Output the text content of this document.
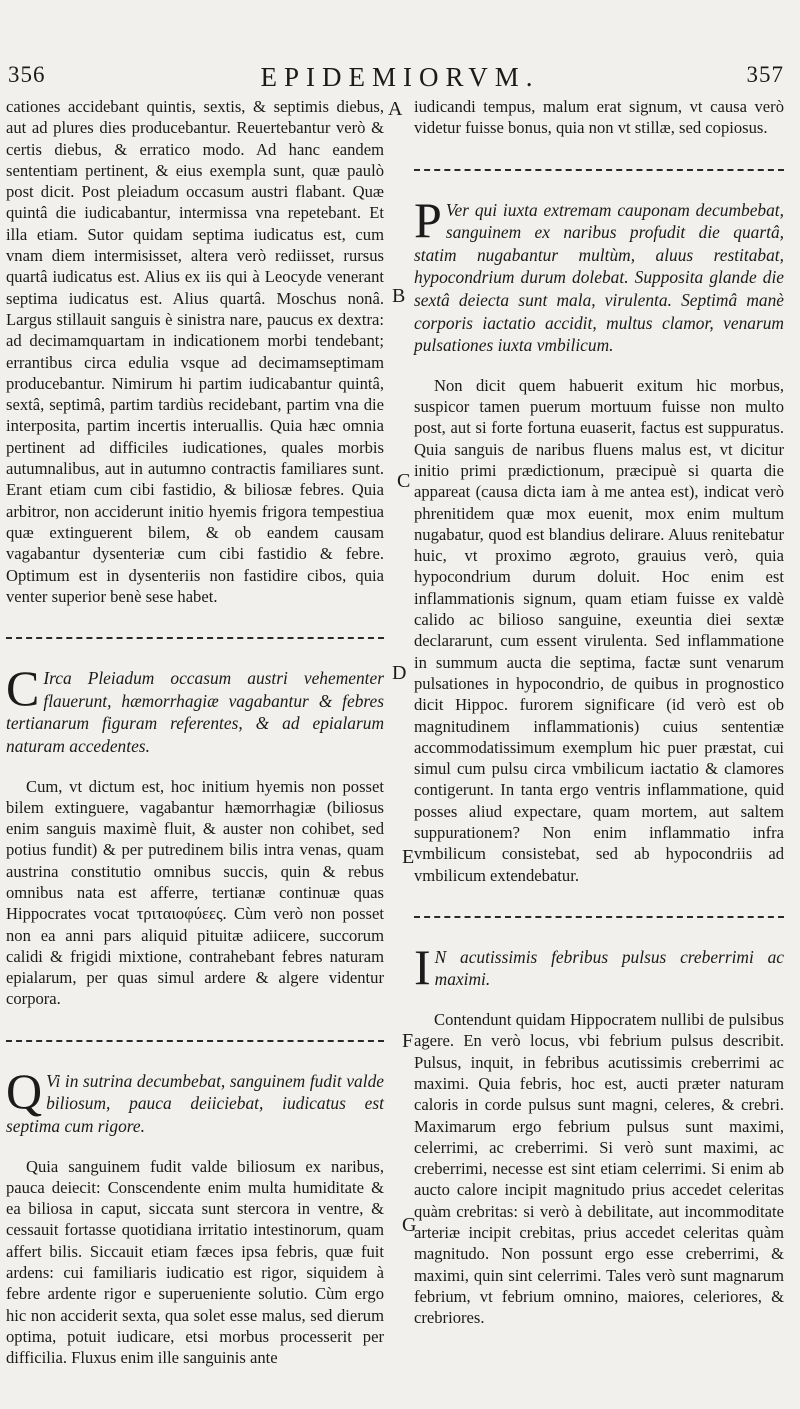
356	EPIDEMIORVM.	357

cationes accidebant quintis, sextis, & septimis diebus, aut ad plures dies producebantur. Reuertebantur verò & certis diebus, & erratico modo. Ad hanc eandem sententiam pertinent, & eius exempla sunt, quæ paulò post dicit. Post pleiadum occasum austri flabant. Quæ quintâ die iudicabantur, intermissa vna repetebant. Et illa etiam. Sutor quidam septima iudicatus est, cum vnam diem intermisisset, altera verò rediisset, rursus quartâ iudicatus est. Alius ex iis qui à Leocyde venerant septima iudicatus est. Alius quartâ. Moschus nonâ. Largus stillauit sanguis è sinistra nare, paucus ex dextra: ad decimamquartam in indicationem morbi tendebant; errantibus circa edulia vsque ad decimamseptimam producebantur. Nimirum hi partim iudicabantur quintâ, sextâ, septimâ, partim tardiùs recidebant, partim vna die interposita, partim incertis interuallis. Quia hæc omnia pertinent ad difficiles iudicationes, quales morbis autumnalibus, aut in autumno contractis familiares sunt. Erant etiam cum cibi fastidio, & biliosæ febres. Quia arbitror, non acciderunt initio hyemis frigora tempestiua quæ extinguerent bilem, & ob eandem causam vagabantur dysenteriæ cum cibi fastidio & febre. Optimum est in dysenteriis non fastidire cibos, quia venter superior benè sese habet.

C Irca Pleiadum occasum austri vehementer flauerunt, hæmorrhagiæ vagabantur & febres tertianarum figuram referentes, & ad epialarum naturam accedentes.

Cum, vt dictum est, hoc initium hyemis non posset bilem extinguere, vagabantur hæmorrhagiæ (biliosus enim sanguis maximè fluit, & auster non cohibet, sed potius fundit) & per putredinem bilis intra venas, quam austrina constitutio omnibus succis, quin & rebus omnibus nata est afferre, tertianæ continuæ quas Hippocrates vocat τριταιοφύεες. Cùm verò non posset non ea anni pars aliquid pituitæ adiicere, succorum calidi & frigidi mixtione, contrahebant febres naturam epialarum, per quas simul ardere & algere videntur corpora.

Q Vi in sutrina decumbebat, sanguinem fudit valde biliosum, pauca deiiciebat, iudicatus est septima cum rigore.

Quia sanguinem fudit valde biliosum ex naribus, pauca deiecit: Conscendente enim multa humiditate & ea biliosa in caput, siccata sunt stercora in ventre, & cessauit fortasse quotidiana irritatio intestinorum, quam affert bilis. Siccauit etiam fæces ipsa febris, quæ fuit ardens: cui familiaris iudicatio est rigor, siquidem à febre ardente rigor e superueniente solutio. Cùm ergo hic non acciderit sexta, qua solet esse malus, sed dierum optima, potuit iudicare, etsi morbus processerit per difficilia. Fluxus enim ille sanguinis ante

iudicandi tempus, malum erat signum, vt causa verò videtur fuisse bonus, quia non vt stillæ, sed copiosus.

P Ver qui iuxta extremam cauponam decumbebat, sanguinem ex naribus profudit die quartâ, statim nugabantur multùm, aluus restitabat, hypocondrium durum dolebat. Supposita glande die sextâ deiecta sunt mala, virulenta. Septimâ manè corporis iactatio accidit, multus clamor, venarum pulsationes iuxta vmbilicum.

Non dicit quem habuerit exitum hic morbus, suspicor tamen puerum mortuum fuisse non multo post, aut si forte fortuna euaserit, factus est suppuratus. Quia sanguis de naribus fluens malus est, vt dicitur initio primi prædictionum, præcipuè si quarta die appareat (causa dicta iam à me antea est), indicat verò phrenitidem quæ mox euenit, mox enim multum nugabatur, quod est blandius delirare. Aluus renitebatur huic, vt proximo ægroto, grauius verò, quia hypocondrium durum doluit. Hoc enim est inflammationis signum, quam etiam fuisse ex valdè calido ac bilioso sanguine, exeuntia diei sextæ declararunt, cum essent virulenta. Sed inflammatione in summum aucta die septima, factæ sunt venarum pulsationes in hypocondrio, de quibus in prognostico dicit Hippoc. furorem significare (id verò est ob magnitudinem inflammationis) cuius sententiæ accommodatissimum exemplum hic puer præstat, cui simul cum pulsu circa vmbilicum iactatio & clamores contigerunt. In tanta ergo ventris inflammatione, quid posses aliud expectare, quam mortem, aut saltem suppurationem? Non enim inflammatio infra vmbilicum consistebat, sed ab hypocondriis ad vmbilicum extendebatur.

I N acutissimis febribus pulsus creberrimi ac maximi.

Contendunt quidam Hippocratem nullibi de pulsibus agere. En verò locus, vbi febrium pulsus describit. Pulsus, inquit, in febribus acutissimis creberrimi ac maximi. Quia febris, hoc est, aucti præter naturam caloris in corde pulsus sunt magni, celeres, & crebri. Maximarum ergo febrium pulsus sunt maximi, celerrimi, ac creberrimi. Si verò sunt maximi, ac creberrimi, necesse est sint etiam celerrimi. Si enim ab aucto calore incipit magnitudo prius accedet celeritas quàm crebritas: si verò à debilitate, aut incommoditate arteriæ incipit crebitas, prius accedet celeritas quàm magnitudo. Non possunt ergo esse creberrimi, & maximi, quin sint celerrimi. Tales verò sunt magnarum febrium, vt febrium omnino, maiores, celeriores, & crebriores.

A
B
C
D
E
F
G
